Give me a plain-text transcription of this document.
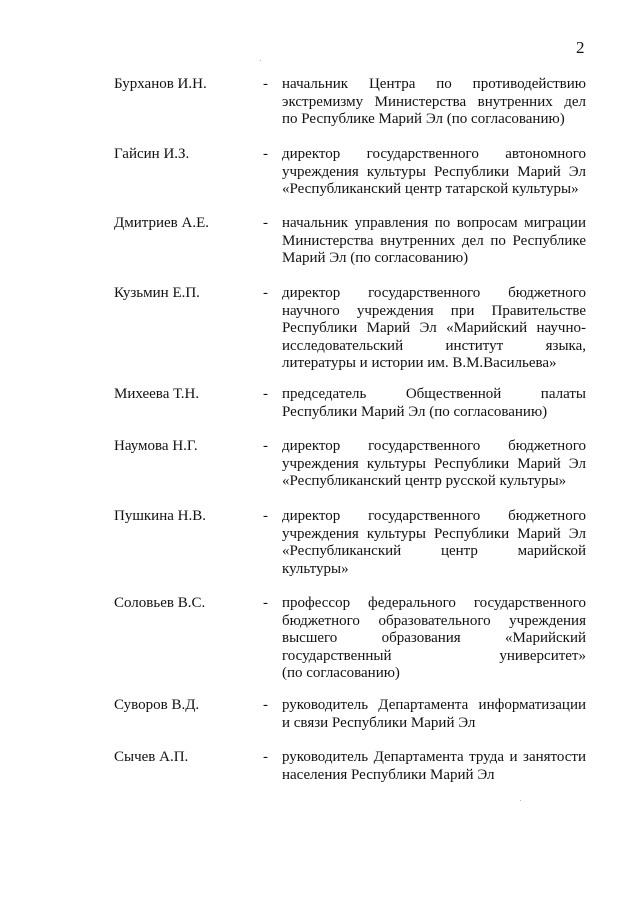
2
Бурханов И.Н.	- начальник Центра по противодействию
экстремизму Министерства внутренних дел
по Республике Марий Эл (по согласованию)
Гайсин И.З.	- директор государственного автономного
учреждения культуры Республики Марий Эл
«Республиканский центр татарской культуры»
Дмитриев А.Е.	- начальник управления по вопросам миграции
Министерства внутренних дел по Республике
Марий Эл (по согласованию)
Кузьмин Е.П.	- директор государственного бюджетного
научного учреждения при Правительстве
Республики Марий Эл «Марийский научно-
исследовательский институт языка,
литературы и истории им. В.М.Васильева»
Михеева Т.Н.	- председатель Общественной палаты
Республики Марий Эл (по согласованию)
Наумова Н.Г.	- директор государственного бюджетного
учреждения культуры Республики Марий Эл
«Республиканский центр русской культуры»
Пушкина Н.В.	- директор государственного бюджетного
учреждения культуры Республики Марий Эл
«Республиканский центр марийской
культуры»
Соловьев В.С.	- профессор федерального государственного
бюджетного образовательного учреждения
высшего образования «Марийский
государственный университет»
(по согласованию)
Суворов В.Д.	- руководитель Департамента информатизации
и связи Республики Марий Эл
Сычев А.П.	- руководитель Департамента труда и занятости
населения Республики Марий Эл
